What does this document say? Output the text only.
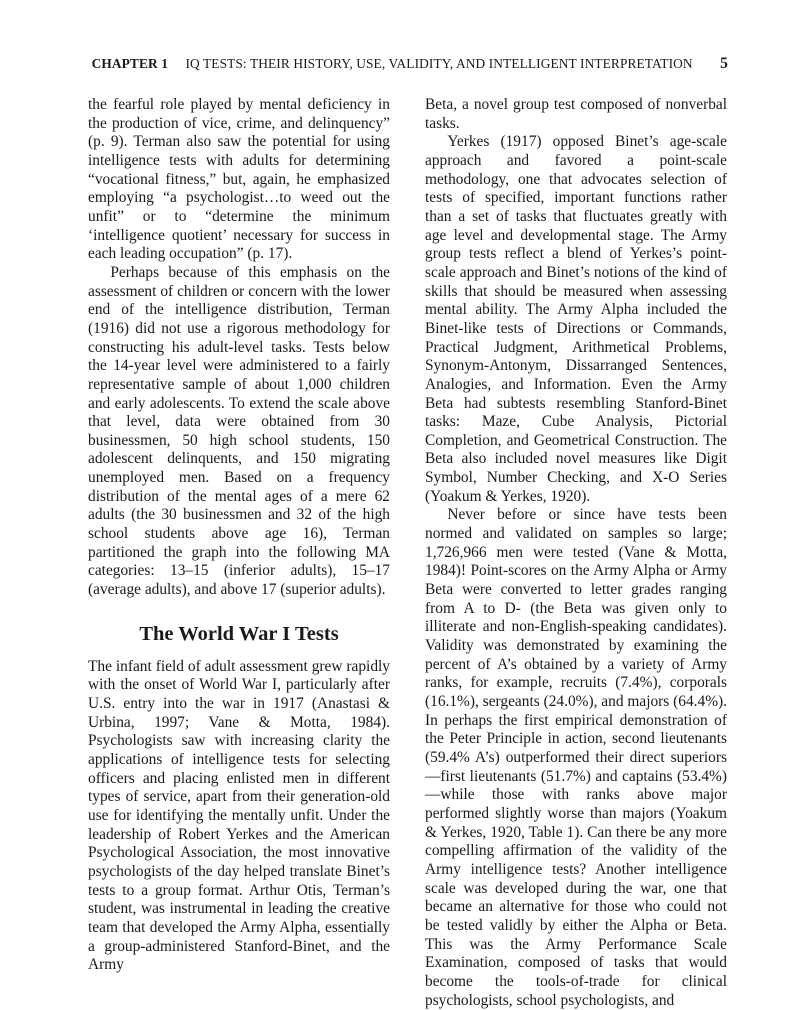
CHAPTER 1 IQ TESTS: THEIR HISTORY, USE, VALIDITY, AND INTELLIGENT INTERPRETATION 5

the fearful role played by mental deficiency in the production of vice, crime, and delinquency” (p. 9). Terman also saw the potential for using intelligence tests with adults for determining “vocational fitness,” but, again, he emphasized employing “a psychologist…to weed out the unfit” or to “determine the minimum ‘intelligence quotient’ necessary for success in each leading occupation” (p. 17).

Perhaps because of this emphasis on the assessment of children or concern with the lower end of the intelligence distribution, Terman (1916) did not use a rigorous methodology for constructing his adult-level tasks. Tests below the 14-year level were administered to a fairly representative sample of about 1,000 children and early adolescents. To extend the scale above that level, data were obtained from 30 businessmen, 50 high school students, 150 adolescent delinquents, and 150 migrating unemployed men. Based on a frequency distribution of the mental ages of a mere 62 adults (the 30 businessmen and 32 of the high school students above age 16), Terman partitioned the graph into the following MA categories: 13–15 (inferior adults), 15–17 (average adults), and above 17 (superior adults).

The World War I Tests

The infant field of adult assessment grew rapidly with the onset of World War I, particularly after U.S. entry into the war in 1917 (Anastasi & Urbina, 1997; Vane & Motta, 1984). Psychologists saw with increasing clarity the applications of intelligence tests for selecting officers and placing enlisted men in different types of service, apart from their generation-old use for identifying the mentally unfit. Under the leadership of Robert Yerkes and the American Psychological Association, the most innovative psychologists of the day helped translate Binet’s tests to a group format. Arthur Otis, Terman’s student, was instrumental in leading the creative team that developed the Army Alpha, essentially a group-administered Stanford-Binet, and the Army

Beta, a novel group test composed of nonverbal tasks.

Yerkes (1917) opposed Binet’s age-scale approach and favored a point-scale methodology, one that advocates selection of tests of specified, important functions rather than a set of tasks that fluctuates greatly with age level and developmental stage. The Army group tests reflect a blend of Yerkes’s point-scale approach and Binet’s notions of the kind of skills that should be measured when assessing mental ability. The Army Alpha included the Binet-like tests of Directions or Commands, Practical Judgment, Arithmetical Problems, Synonym-Antonym, Dissarranged Sentences, Analogies, and Information. Even the Army Beta had subtests resembling Stanford-Binet tasks: Maze, Cube Analysis, Pictorial Completion, and Geometrical Construction. The Beta also included novel measures like Digit Symbol, Number Checking, and X-O Series (Yoakum & Yerkes, 1920).

Never before or since have tests been normed and validated on samples so large; 1,726,966 men were tested (Vane & Motta, 1984)! Point-scores on the Army Alpha or Army Beta were converted to letter grades ranging from A to D- (the Beta was given only to illiterate and non-English-speaking candidates). Validity was demonstrated by examining the percent of A’s obtained by a variety of Army ranks, for example, recruits (7.4%), corporals (16.1%), sergeants (24.0%), and majors (64.4%). In perhaps the first empirical demonstration of the Peter Principle in action, second lieutenants (59.4% A’s) outperformed their direct superiors—first lieutenants (51.7%) and captains (53.4%)—while those with ranks above major performed slightly worse than majors (Yoakum & Yerkes, 1920, Table 1). Can there be any more compelling affirmation of the validity of the Army intelligence tests? Another intelligence scale was developed during the war, one that became an alternative for those who could not be tested validly by either the Alpha or Beta. This was the Army Performance Scale Examination, composed of tasks that would become the tools-of-trade for clinical psychologists, school psychologists, and
